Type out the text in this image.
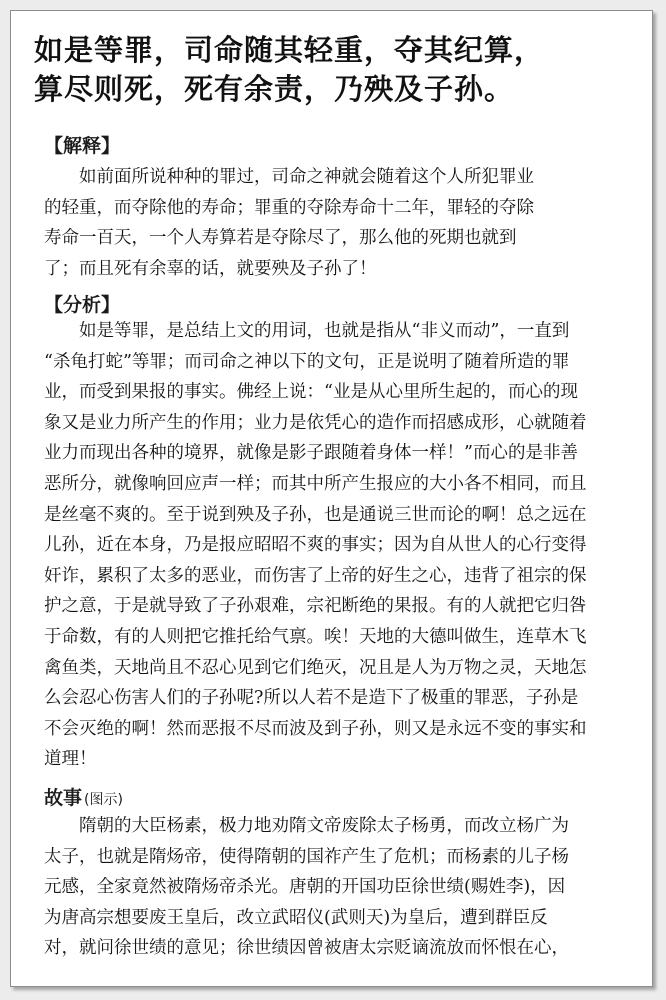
如是等罪，司命随其轻重，夺其纪算，
算尽则死，死有余责，乃殃及子孙。
【解释】
　　如前面所说种种的罪过，司命之神就会随着这个人所犯罪业
的轻重，而夺除他的寿命；罪重的夺除寿命十二年，罪轻的夺除
寿命一百天，一个人寿算若是夺除尽了，那么他的死期也就到
了；而且死有余辜的话，就要殃及子孙了！
【分析】
　　如是等罪，是总结上文的用词，也就是指从“非义而动”，一直到
“杀龟打蛇”等罪；而司命之神以下的文句，正是说明了随着所造的罪
业，而受到果报的事实。佛经上说：“业是从心里所生起的，而心的现
象又是业力所产生的作用；业力是依凭心的造作而招感成形，心就随着
业力而现出各种的境界，就像是影子跟随着身体一样！”而心的是非善
恶所分，就像响回应声一样；而其中所产生报应的大小各不相同，而且
是丝毫不爽的。至于说到殃及子孙，也是通说三世而论的啊！总之远在
儿孙，近在本身，乃是报应昭昭不爽的事实；因为自从世人的心行变得
奸诈，累积了太多的恶业，而伤害了上帝的好生之心，违背了祖宗的保
护之意，于是就导致了子孙艰难，宗祀断绝的果报。有的人就把它归咎
于命数，有的人则把它推托给气禀。唉！天地的大德叫做生，连草木飞
禽鱼类，天地尚且不忍心见到它们绝灭，况且是人为万物之灵，天地怎
么会忍心伤害人们的子孙呢?所以人若不是造下了极重的罪恶，子孙是
不会灭绝的啊！然而恶报不尽而波及到子孙，则又是永远不变的事实和
道理！
故事 (图示)
　　隋朝的大臣杨素，极力地劝隋文帝废除太子杨勇，而改立杨广为
太子，也就是隋炀帝，使得隋朝的国祚产生了危机；而杨素的儿子杨
元感，全家竟然被隋炀帝杀光。唐朝的开国功臣徐世绩(赐姓李)，因
为唐高宗想要废王皇后，改立武昭仪(武则天)为皇后，遭到群臣反
对，就问徐世绩的意见；徐世绩因曾被唐太宗贬谪流放而怀恨在心，
